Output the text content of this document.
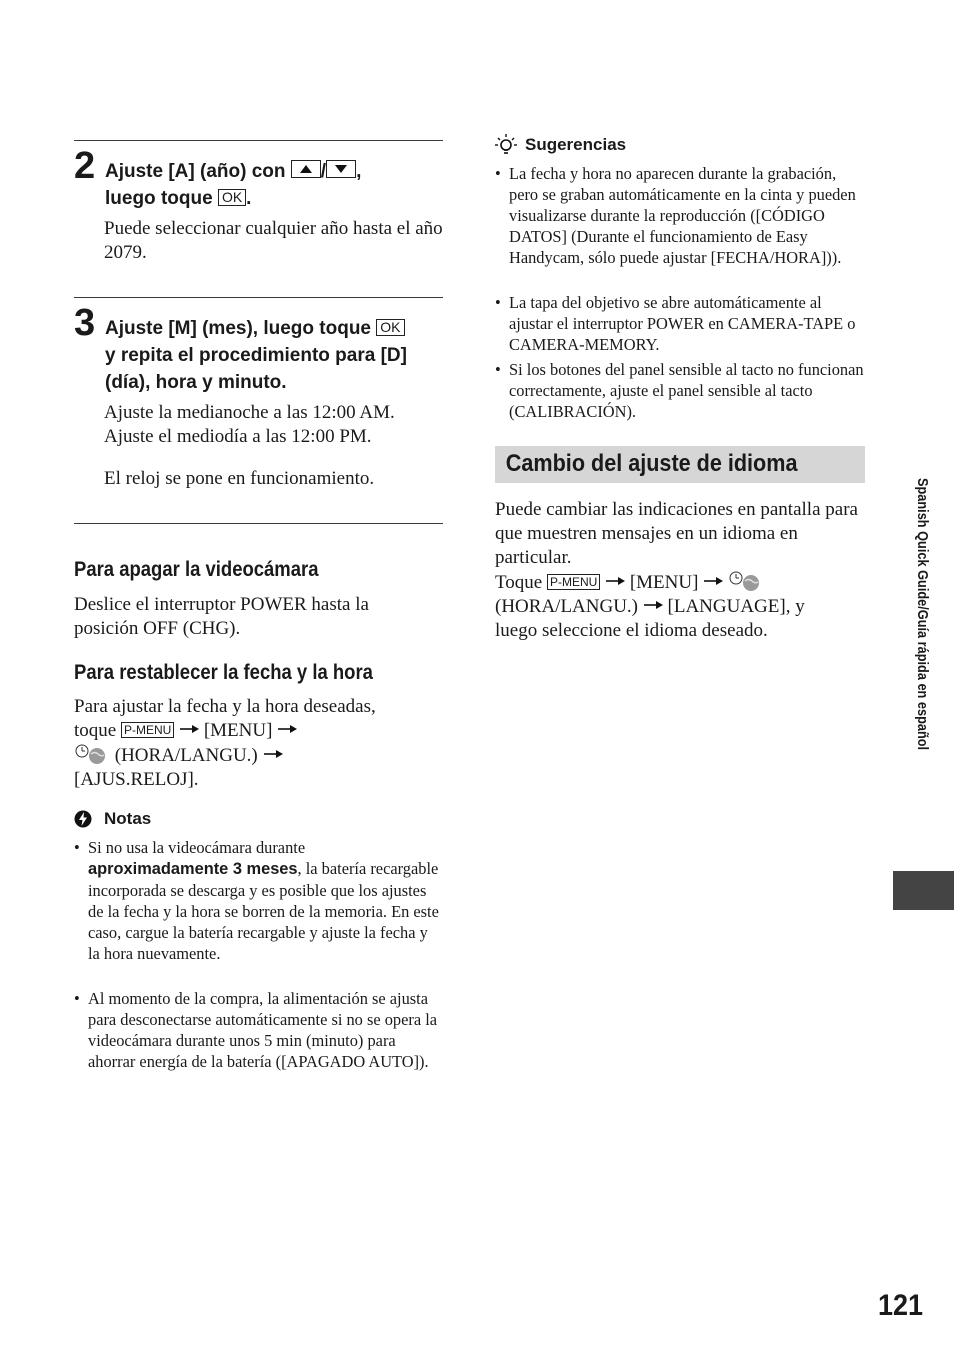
2 Ajuste [A] (año) con / ,
luego toque OK .
Puede seleccionar cualquier año hasta el año 2079.
3 Ajuste [M] (mes), luego toque OK
y repita el procedimiento para [D] (día), hora y minuto.
Ajuste la medianoche a las 12:00 AM.
Ajuste el mediodía a las 12:00 PM.
El reloj se pone en funcionamiento.
Para apagar la videocámara
Deslice el interruptor POWER hasta la posición OFF (CHG).
Para restablecer la fecha y la hora
Para ajustar la fecha y la hora deseadas,
toque P-MENU [MENU]
(HORA/LANGU.)
[AJUS.RELOJ].
Notas
• Si no usa la videocámara durante
aproximadamente 3 meses, la batería recargable incorporada se descarga y es posible que los ajustes de la fecha y la hora se borren de la memoria. En este caso, cargue la batería recargable y ajuste la fecha y la hora nuevamente.
• Al momento de la compra, la alimentación se ajusta para desconectarse automáticamente si no se opera la videocámara durante unos 5 min (minuto) para ahorrar energía de la batería ([APAGADO AUTO]).
Sugerencias
• La fecha y hora no aparecen durante la grabación, pero se graban automáticamente en la cinta y pueden visualizarse durante la reproducción ([CÓDIGO DATOS] (Durante el funcionamiento de Easy Handycam, sólo puede ajustar [FECHA/HORA])).
• La tapa del objetivo se abre automáticamente al ajustar el interruptor POWER en CAMERA-TAPE o CAMERA-MEMORY.
• Si los botones del panel sensible al tacto no funcionan correctamente, ajuste el panel sensible al tacto (CALIBRACIÓN).
Cambio del ajuste de idioma
Puede cambiar las indicaciones en pantalla para que muestren mensajes en un idioma en particular.
Toque P-MENU [MENU]
(HORA/LANGU.) [LANGUAGE], y
luego seleccione el idioma deseado.	Spanish Quick Guide/Guía rápida en español
121
